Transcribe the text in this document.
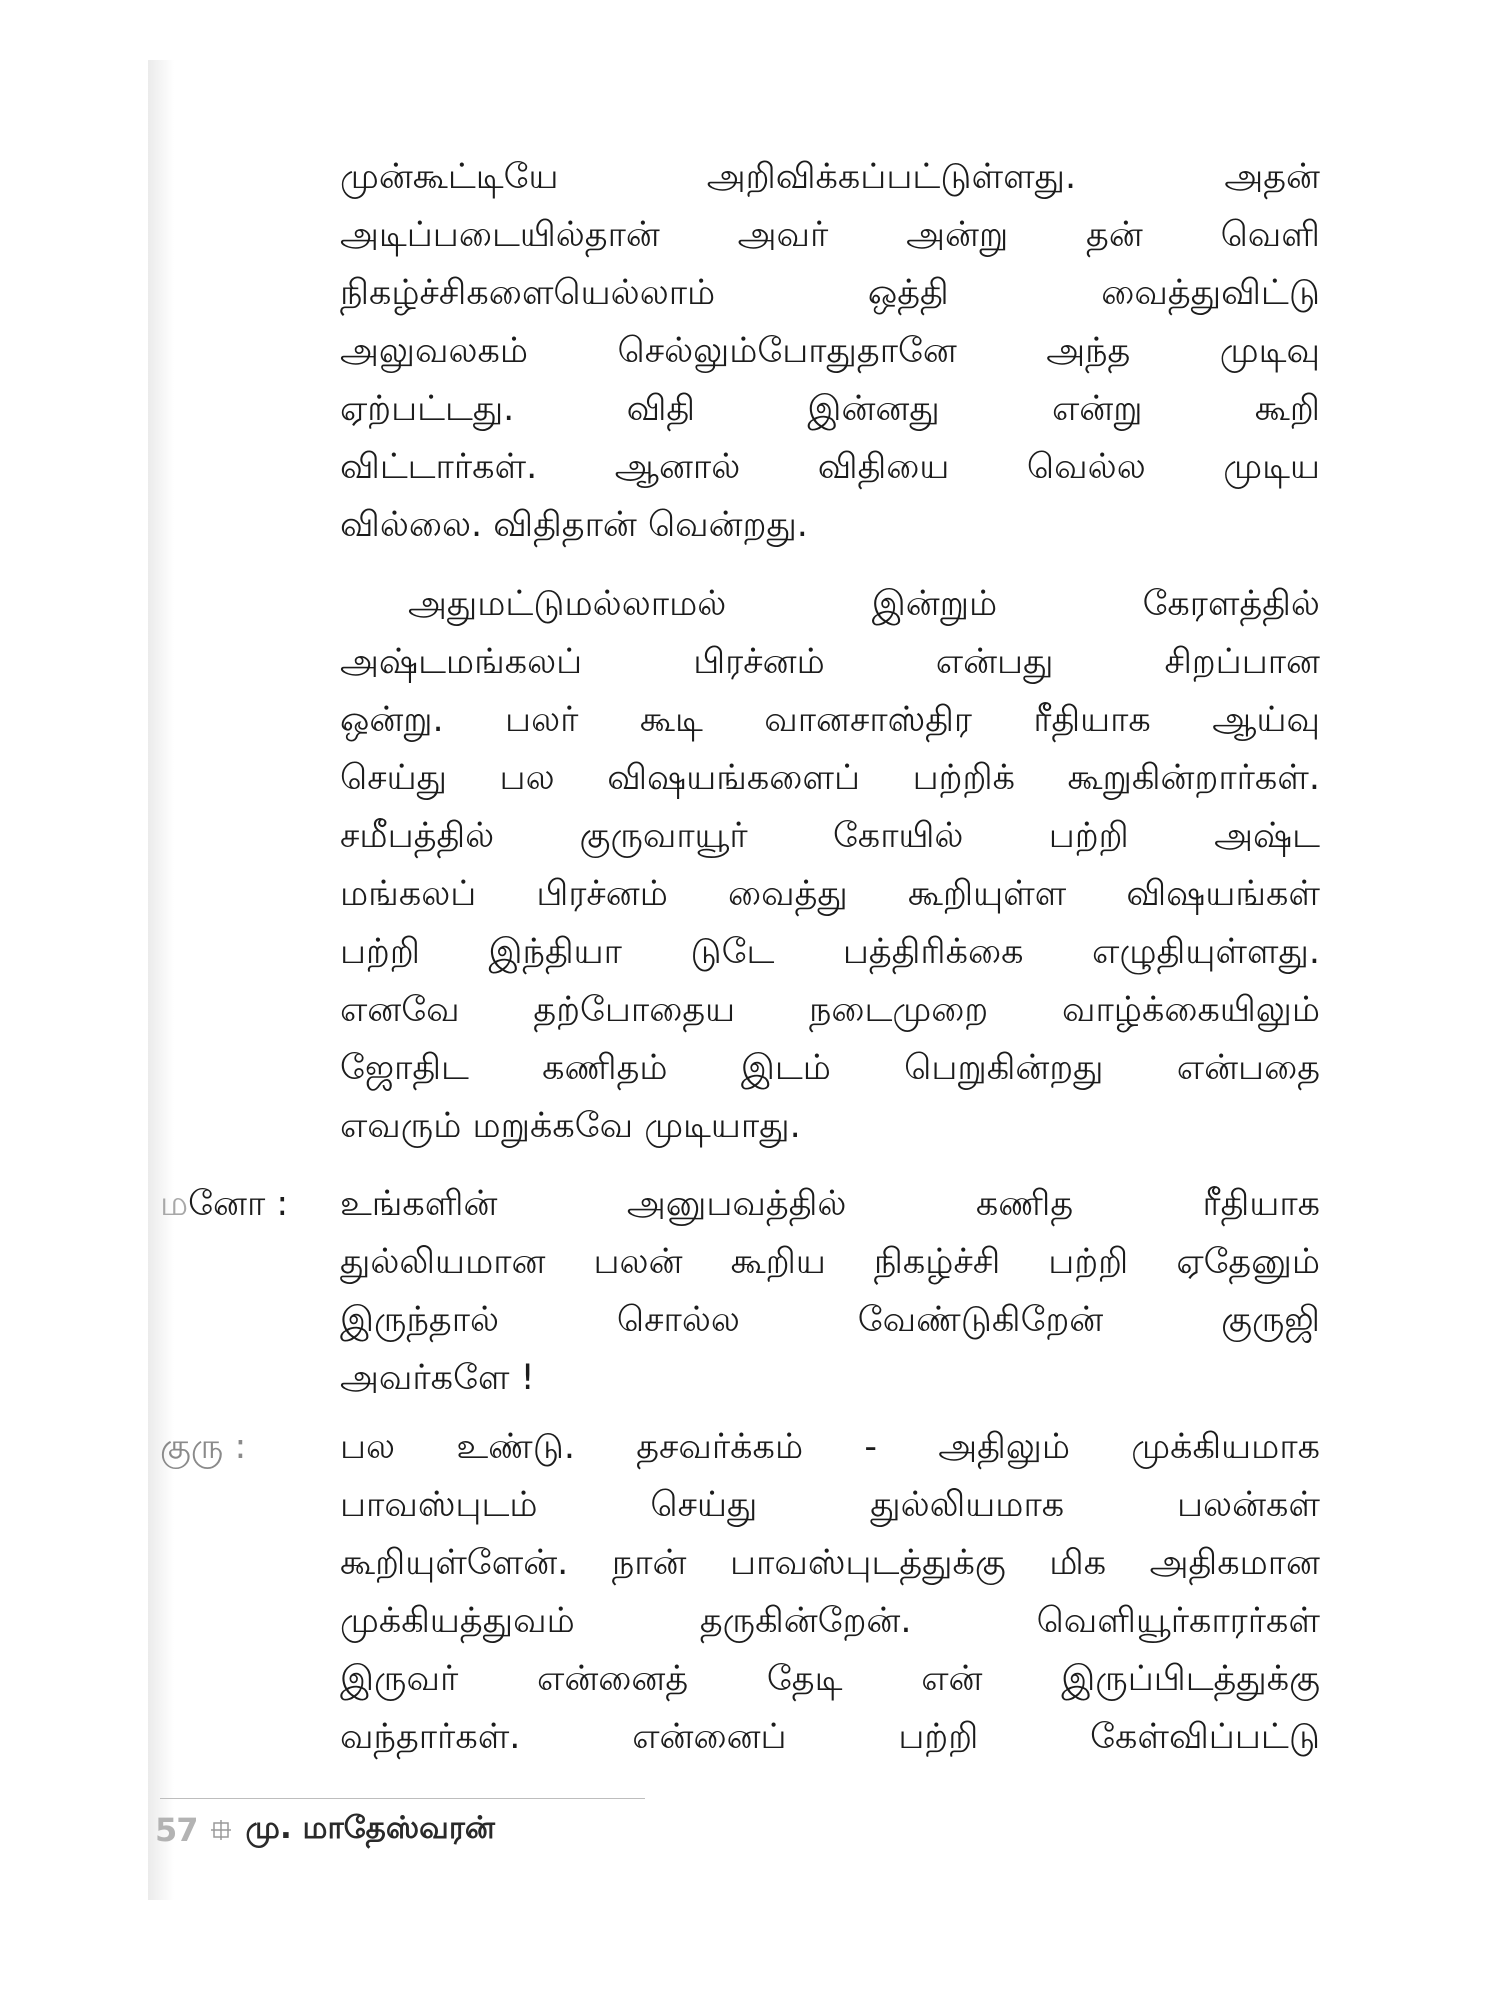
முன்கூட்டியே அறிவிக்கப்பட்டுள்ளது. அதன்
அடிப்படையில்தான் அவர் அன்று தன் வெளி
நிகழ்ச்சிகளையெல்லாம் ஒத்தி வைத்துவிட்டு
அலுவலகம் செல்லும்போதுதானே அந்த முடிவு
ஏற்பட்டது. விதி இன்னது என்று கூறி
விட்டார்கள். ஆனால் விதியை வெல்ல முடிய
வில்லை. விதிதான் வென்றது.
அதுமட்டுமல்லாமல் இன்றும் கேரளத்தில்
அஷ்டமங்கலப் பிரச்னம் என்பது சிறப்பான
ஒன்று. பலர் கூடி வானசாஸ்திர ரீதியாக ஆய்வு
செய்து பல விஷயங்களைப் பற்றிக் கூறுகின்றார்கள்.
சமீபத்தில் குருவாயூர் கோயில் பற்றி அஷ்ட
மங்கலப் பிரச்னம் வைத்து கூறியுள்ள விஷயங்கள்
பற்றி இந்தியா டுடே பத்திரிக்கை எழுதியுள்ளது.
எனவே தற்போதைய நடைமுறை வாழ்க்கையிலும்
ஜோதிட கணிதம் இடம் பெறுகின்றது என்பதை
எவரும் மறுக்கவே முடியாது.
மனோ : உங்களின் அனுபவத்தில் கணித ரீதியாக
துல்லியமான பலன் கூறிய நிகழ்ச்சி பற்றி ஏதேனும்
இருந்தால் சொல்ல வேண்டுகிறேன் குருஜி
அவர்களே !
குரு :	பல உண்டு. தசவர்க்கம் - அதிலும் முக்கியமாக
பாவஸ்புடம் செய்து துல்லியமாக பலன்கள்
கூறியுள்ளேன். நான் பாவஸ்புடத்துக்கு மிக அதிகமான
முக்கியத்துவம் தருகின்றேன். வெளியூர்காரர்கள்
இருவர் என்னைத் தேடி என் இருப்பிடத்துக்கு
வந்தார்கள். என்னைப் பற்றி கேள்விப்பட்டு
57 மு. மாதேஸ்வரன்
